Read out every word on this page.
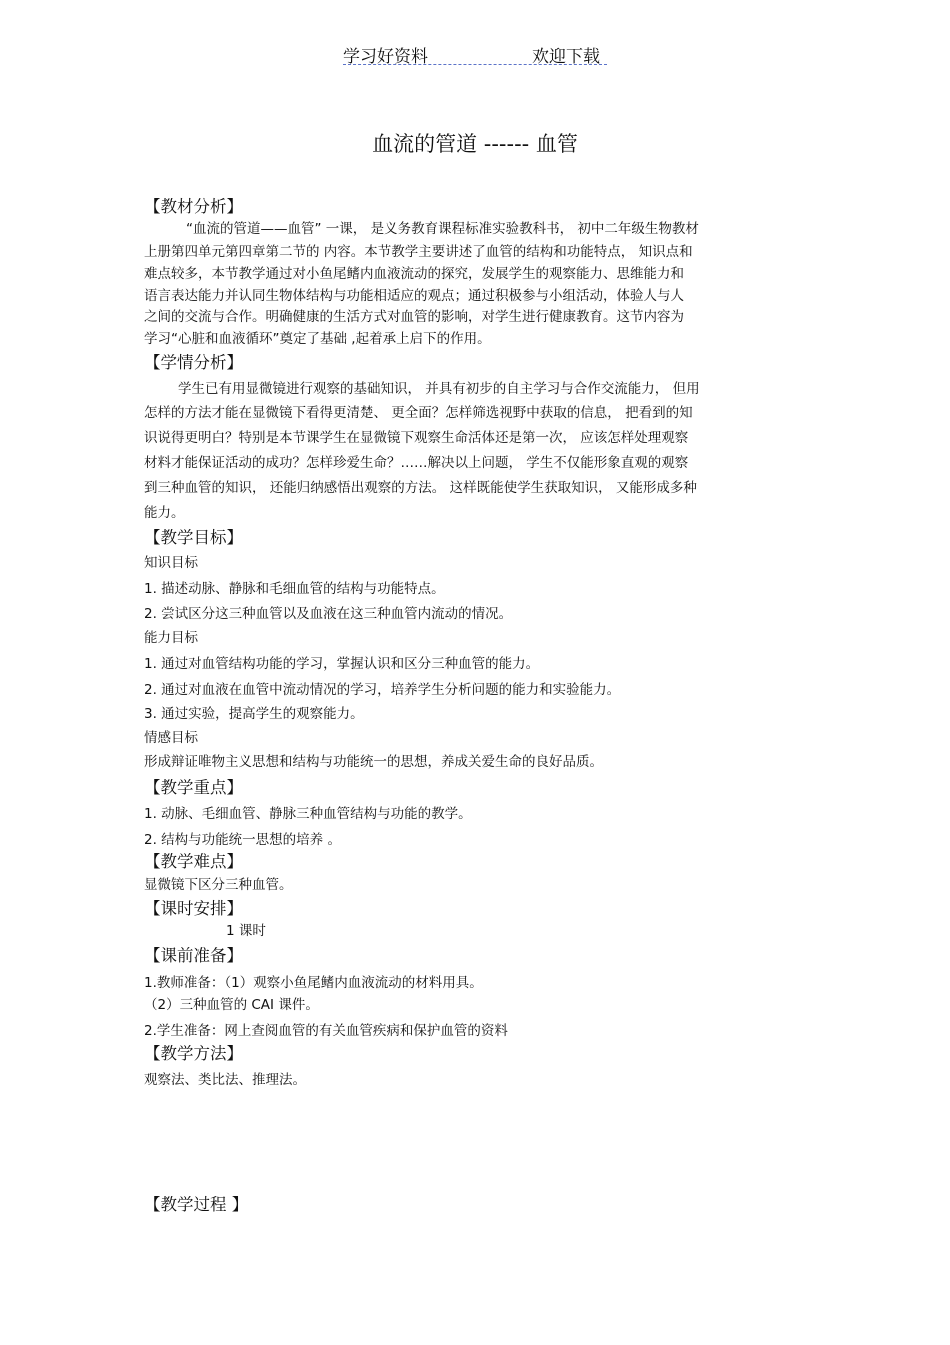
学习好资料	欢迎下载
血流的管道 ------ 血管
【教材分析】
“血流的管道——血管” 一课， 是义务教育课程标准实验教科书， 初中二年级生物教材
上册第四单元第四章第二节的 内容。本节教学主要讲述了血管的结构和功能特点， 知识点和
难点较多，本节教学通过对小鱼尾鳍内血液流动的探究，发展学生的观察能力、思维能力和
语言表达能力并认同生物体结构与功能相适应的观点；通过积极参与小组活动，体验人与人
之间的交流与合作。明确健康的生活方式对血管的影响，对学生进行健康教育。这节内容为
学习“心脏和血液循环”奠定了基础 ,起着承上启下的作用。
【学情分析】
学生已有用显微镜进行观察的基础知识， 并具有初步的自主学习与合作交流能力， 但用
怎样的方法才能在显微镜下看得更清楚、 更全面？怎样筛选视野中获取的信息， 把看到的知
识说得更明白？特别是本节课学生在显微镜下观察生命活体还是第一次， 应该怎样处理观察
材料才能保证活动的成功？怎样珍爱生命？……解决以上问题， 学生不仅能形象直观的观察
到三种血管的知识， 还能归纳感悟出观察的方法。 这样既能使学生获取知识， 又能形成多种
能力。
【教学目标】
知识目标
1. 描述动脉、静脉和毛细血管的结构与功能特点。
2. 尝试区分这三种血管以及血液在这三种血管内流动的情况。
能力目标
1. 通过对血管结构功能的学习，掌握认识和区分三种血管的能力。
2. 通过对血液在血管中流动情况的学习，培养学生分析问题的能力和实验能力。
3. 通过实验，提高学生的观察能力。
情感目标
形成辩证唯物主义思想和结构与功能统一的思想，养成关爱生命的良好品质。
【教学重点】
1. 动脉、毛细血管、静脉三种血管结构与功能的教学。
2. 结构与功能统一思想的培养 。
【教学难点】
显微镜下区分三种血管。
【课时安排】
1 课时
【课前准备】
1.教师准备：（1）观察小鱼尾鳍内血液流动的材料用具。
（2）三种血管的 CAI 课件。
2.学生准备：网上查阅血管的有关血管疾病和保护血管的资料
【教学方法】
观察法、类比法、推理法。
【教学过程 】
